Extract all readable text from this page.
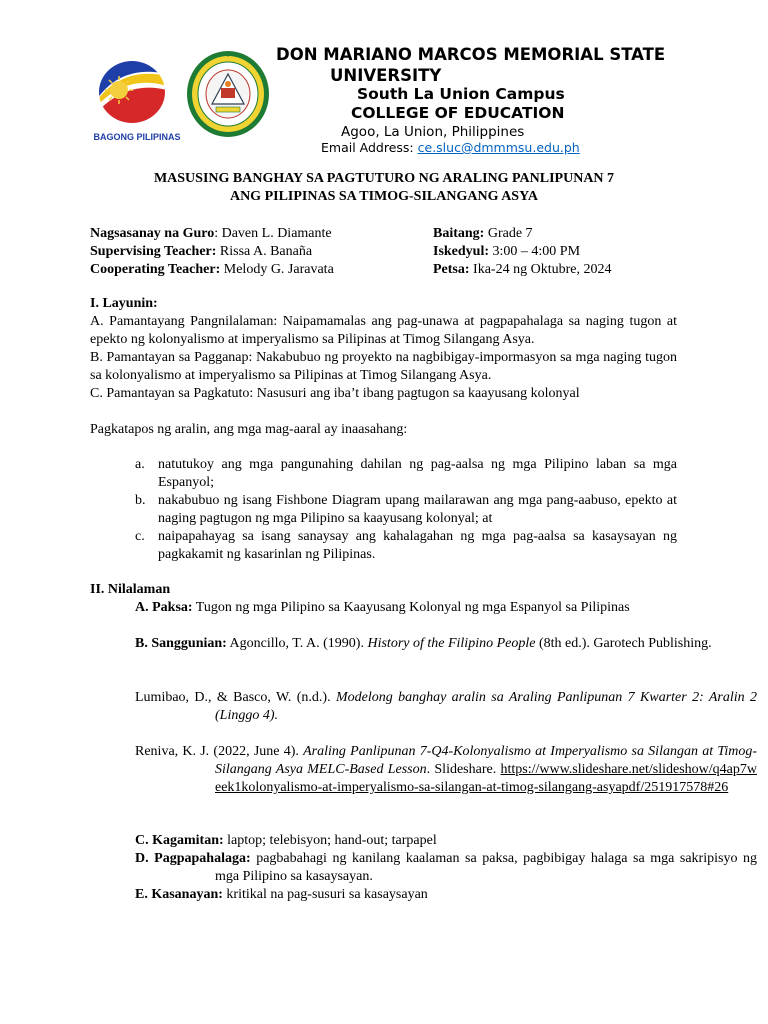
BAGONG PILIPINAS
DON MARIANO MARCOS MEMORIAL STATE
UNIVERSITY
South La Union Campus
COLLEGE OF EDUCATION
Agoo, La Union, Philippines
Email Address: ce.sluc@dmmmsu.edu.ph
MASUSING BANGHAY SA PAGTUTURO NG ARALING PANLIPUNAN 7
ANG PILIPINAS SA TIMOG-SILANGANG ASYA
Nagsasanay na Guro: Daven L. Diamante
Supervising Teacher: Rissa A. Banaña
Cooperating Teacher: Melody G. Jaravata
Baitang: Grade 7
Iskedyul: 3:00 – 4:00 PM
Petsa: Ika-24 ng Oktubre, 2024
I. Layunin:
A. Pamantayang Pangnilalaman: Naipamamalas ang pag-unawa at pagpapahalaga sa naging tugon at epekto ng kolonyalismo at imperyalismo sa Pilipinas at Timog Silangang Asya.
B. Pamantayan sa Pagganap: Nakabubuo ng proyekto na nagbibigay-impormasyon sa mga naging tugon sa kolonyalismo at imperyalismo sa Pilipinas at Timog Silangang Asya.
C. Pamantayan sa Pagkatuto: Nasusuri ang iba’t ibang pagtugon sa kaayusang kolonyal
Pagkatapos ng aralin, ang mga mag-aaral ay inaasahang:
a. natutukoy ang mga pangunahing dahilan ng pag-aalsa ng mga Pilipino laban sa mga Espanyol;
b. nakabubuo ng isang Fishbone Diagram upang mailarawan ang mga pang-aabuso, epekto at naging pagtugon ng mga Pilipino sa kaayusang kolonyal; at
c. naipapahayag sa isang sanaysay ang kahalagahan ng mga pag-aalsa sa kasaysayan ng pagkakamit ng kasarinlan ng Pilipinas.
II. Nilalaman
A. Paksa: Tugon ng mga Pilipino sa Kaayusang Kolonyal ng mga Espanyol sa Pilipinas
B. Sanggunian: Agoncillo, T. A. (1990). History of the Filipino People (8th ed.). Garotech Publishing.
Lumibao, D., & Basco, W. (n.d.). Modelong banghay aralin sa Araling Panlipunan 7 Kwarter 2: Aralin 2 (Linggo 4).
Reniva, K. J. (2022, June 4). Araling Panlipunan 7-Q4-Kolonyalismo at Imperyalismo sa Silangan at Timog-Silangang Asya MELC-Based Lesson. Slideshare. https://www.slideshare.net/slideshow/q4ap7week1kolonyalismo-at-imperyalismo-sa-silangan-at-timog-silangang-asyapdf/251917578#26
C. Kagamitan: laptop; telebisyon; hand-out; tarpapel
D. Pagpapahalaga: pagbabahagi ng kanilang kaalaman sa paksa, pagbibigay halaga sa mga sakripisyo ng mga Pilipino sa kasaysayan.
E. Kasanayan: kritikal na pag-susuri sa kasaysayan
